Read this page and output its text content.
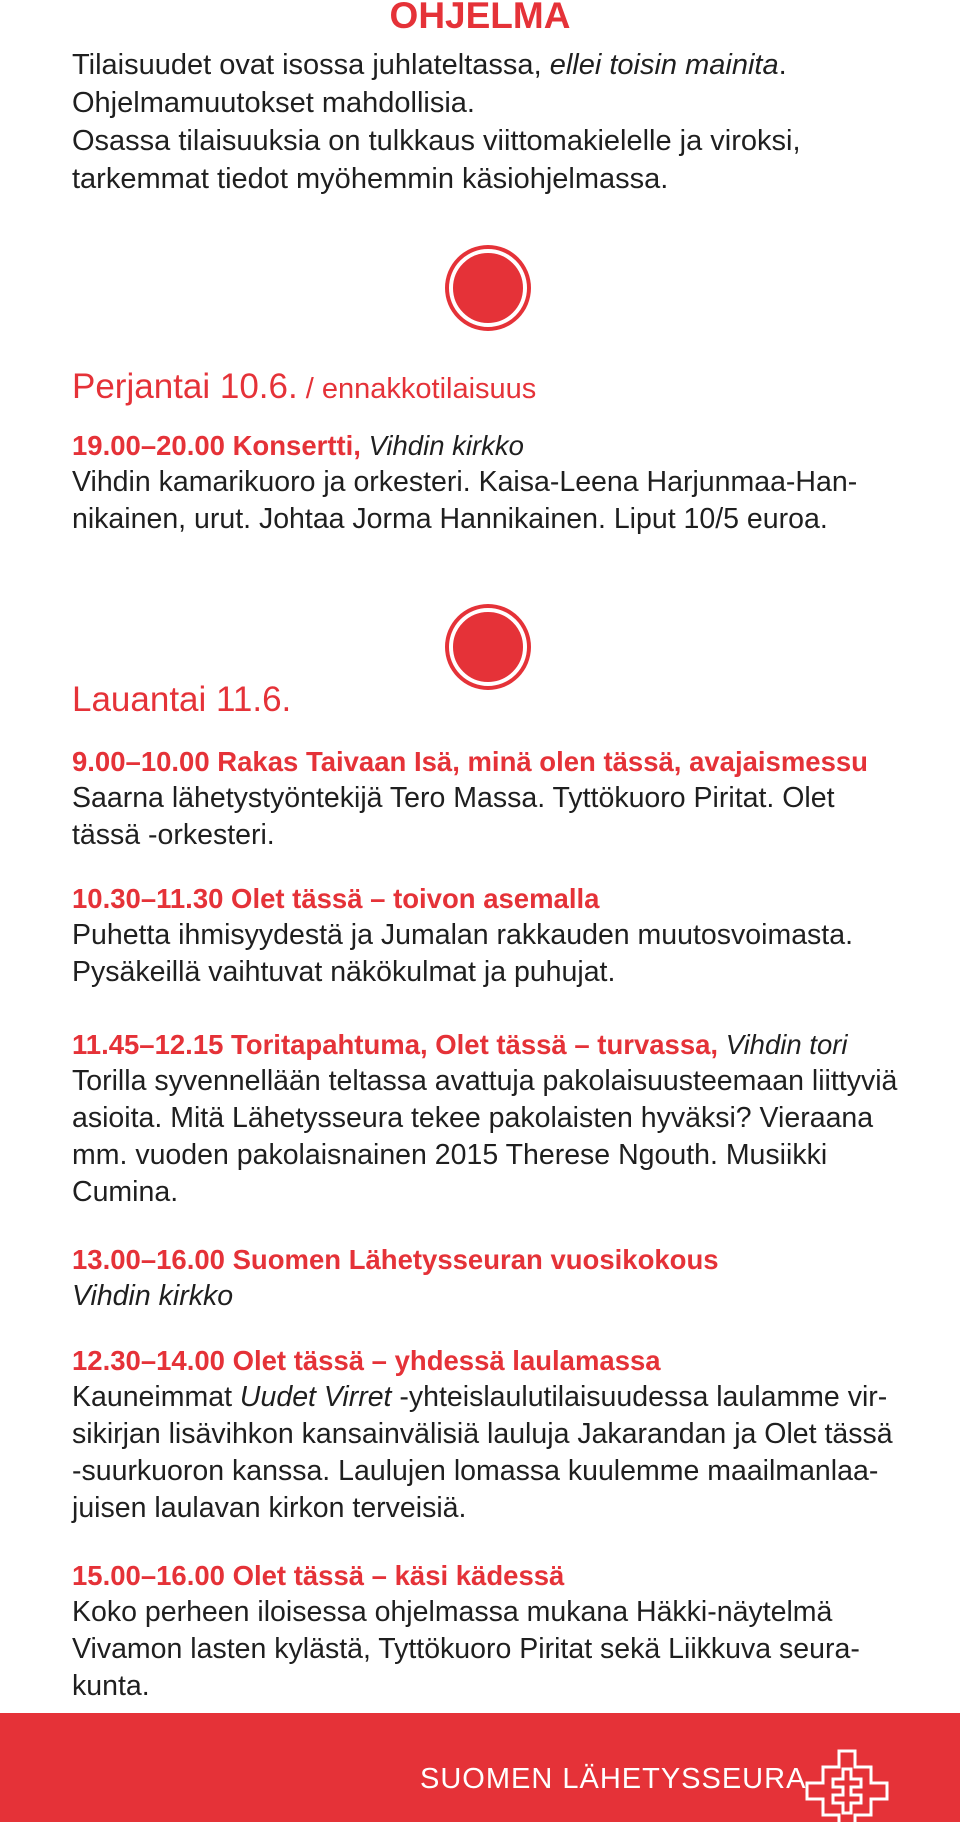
OHJELMA

Tilaisuudet ovat isossa juhlateltassa, ellei toisin mainita.

Ohjelmamuutokset mahdollisia.

Osassa tilaisuuksia on tulkkaus viittomakielelle ja viroksi,

tarkemmat tiedot myöhemmin käsiohjelmassa.

Perjantai 10.6. / ennakkotilaisuus

19.00–20.00 Konsertti, Vihdin kirkko

Vihdin kamarikuoro ja orkesteri. Kaisa-Leena Harjunmaa-Han-
nikainen, urut. Johtaa Jorma Hannikainen. Liput 10/5 euroa.

Lauantai 11.6.

9.00–10.00 Rakas Taivaan Isä, minä olen tässä, avajaismessu

Saarna lähetystyöntekijä Tero Massa. Tyttökuoro Piritat. Olet
tässä -orkesteri.

10.30–11.30 Olet tässä – toivon asemalla

Puhetta ihmisyydestä ja Jumalan rakkauden muutosvoimasta.
Pysäkeillä vaihtuvat näkökulmat ja puhujat.

11.45–12.15 Toritapahtuma, Olet tässä – turvassa, Vihdin tori

Torilla syvennellään teltassa avattuja pakolaisuusteemaan liittyviä
asioita. Mitä Lähetysseura tekee pakolaisten hyväksi? Vieraana
mm. vuoden pakolaisnainen 2015 Therese Ngouth. Musiikki
Cumina.

13.00–16.00 Suomen Lähetysseuran vuosikokous

Vihdin kirkko

12.30–14.00 Olet tässä – yhdessä laulamassa

Kauneimmat Uudet Virret -yhteislaulutilaisuudessa laulamme vir-
sikirjan lisävihkon kansainvälisiä lauluja Jakarandan ja Olet tässä
-suurkuoron kanssa. Laulujen lomassa kuulemme maailmanlaa-
juisen laulavan kirkon terveisiä.

15.00–16.00 Olet tässä – käsi kädessä

Koko perheen iloisessa ohjelmassa mukana Häkki-näytelmä
Vivamon lasten kylästä, Tyttökuoro Piritat sekä Liikkuva seura-
kunta.

SUOMEN LÄHETYSSEURA
